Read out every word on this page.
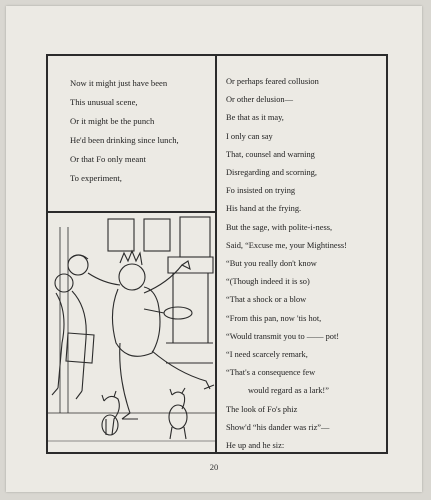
Now it might just have been
This unusual scene,
Or it might be the punch
He'd been drinking since lunch,
Or that Fo only meant
To experiment,
Or perhaps feared collusion
Or other delusion—
Be that as it may,
I only can say
That, counsel and warning
Disregarding and scorning,
Fo insisted on trying
His hand at the frying.
But the sage, with polite-i-ness,
Said, “Excuse me, your Mightiness!
“But you really don't know
“(Though indeed it is so)
“That a shock or a blow
“From this pan, now 'tis hot,
“Would transmit you to —— pot!
“I need scarcely remark,
“That's a consequence few
would regard as a lark!”
The look of Fo's phiz
Show'd “his dander was riz”—
He up and he siz:
20
